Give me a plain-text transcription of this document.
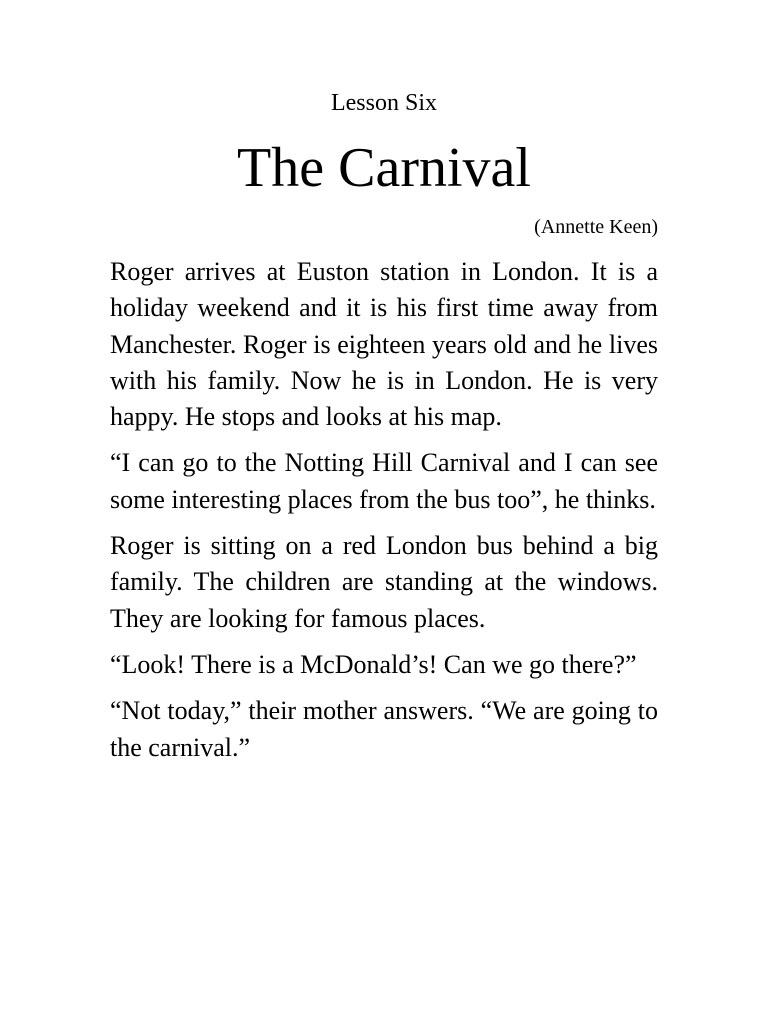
Lesson Six
The Carnival
(Annette Keen)

Roger arrives at Euston station in London. It is a holiday weekend and it is his first time away from Manchester. Roger is eighteen years old and he lives with his family. Now he is in London. He is very happy. He stops and looks at his map.

“I can go to the Notting Hill Carnival and I can see some interesting places from the bus too”, he thinks.

Roger is sitting on a red London bus behind a big family. The children are standing at the windows. They are looking for famous places.

“Look! There is a McDonald’s! Can we go there?”

“Not today,” their mother answers. “We are going to the carnival.”
